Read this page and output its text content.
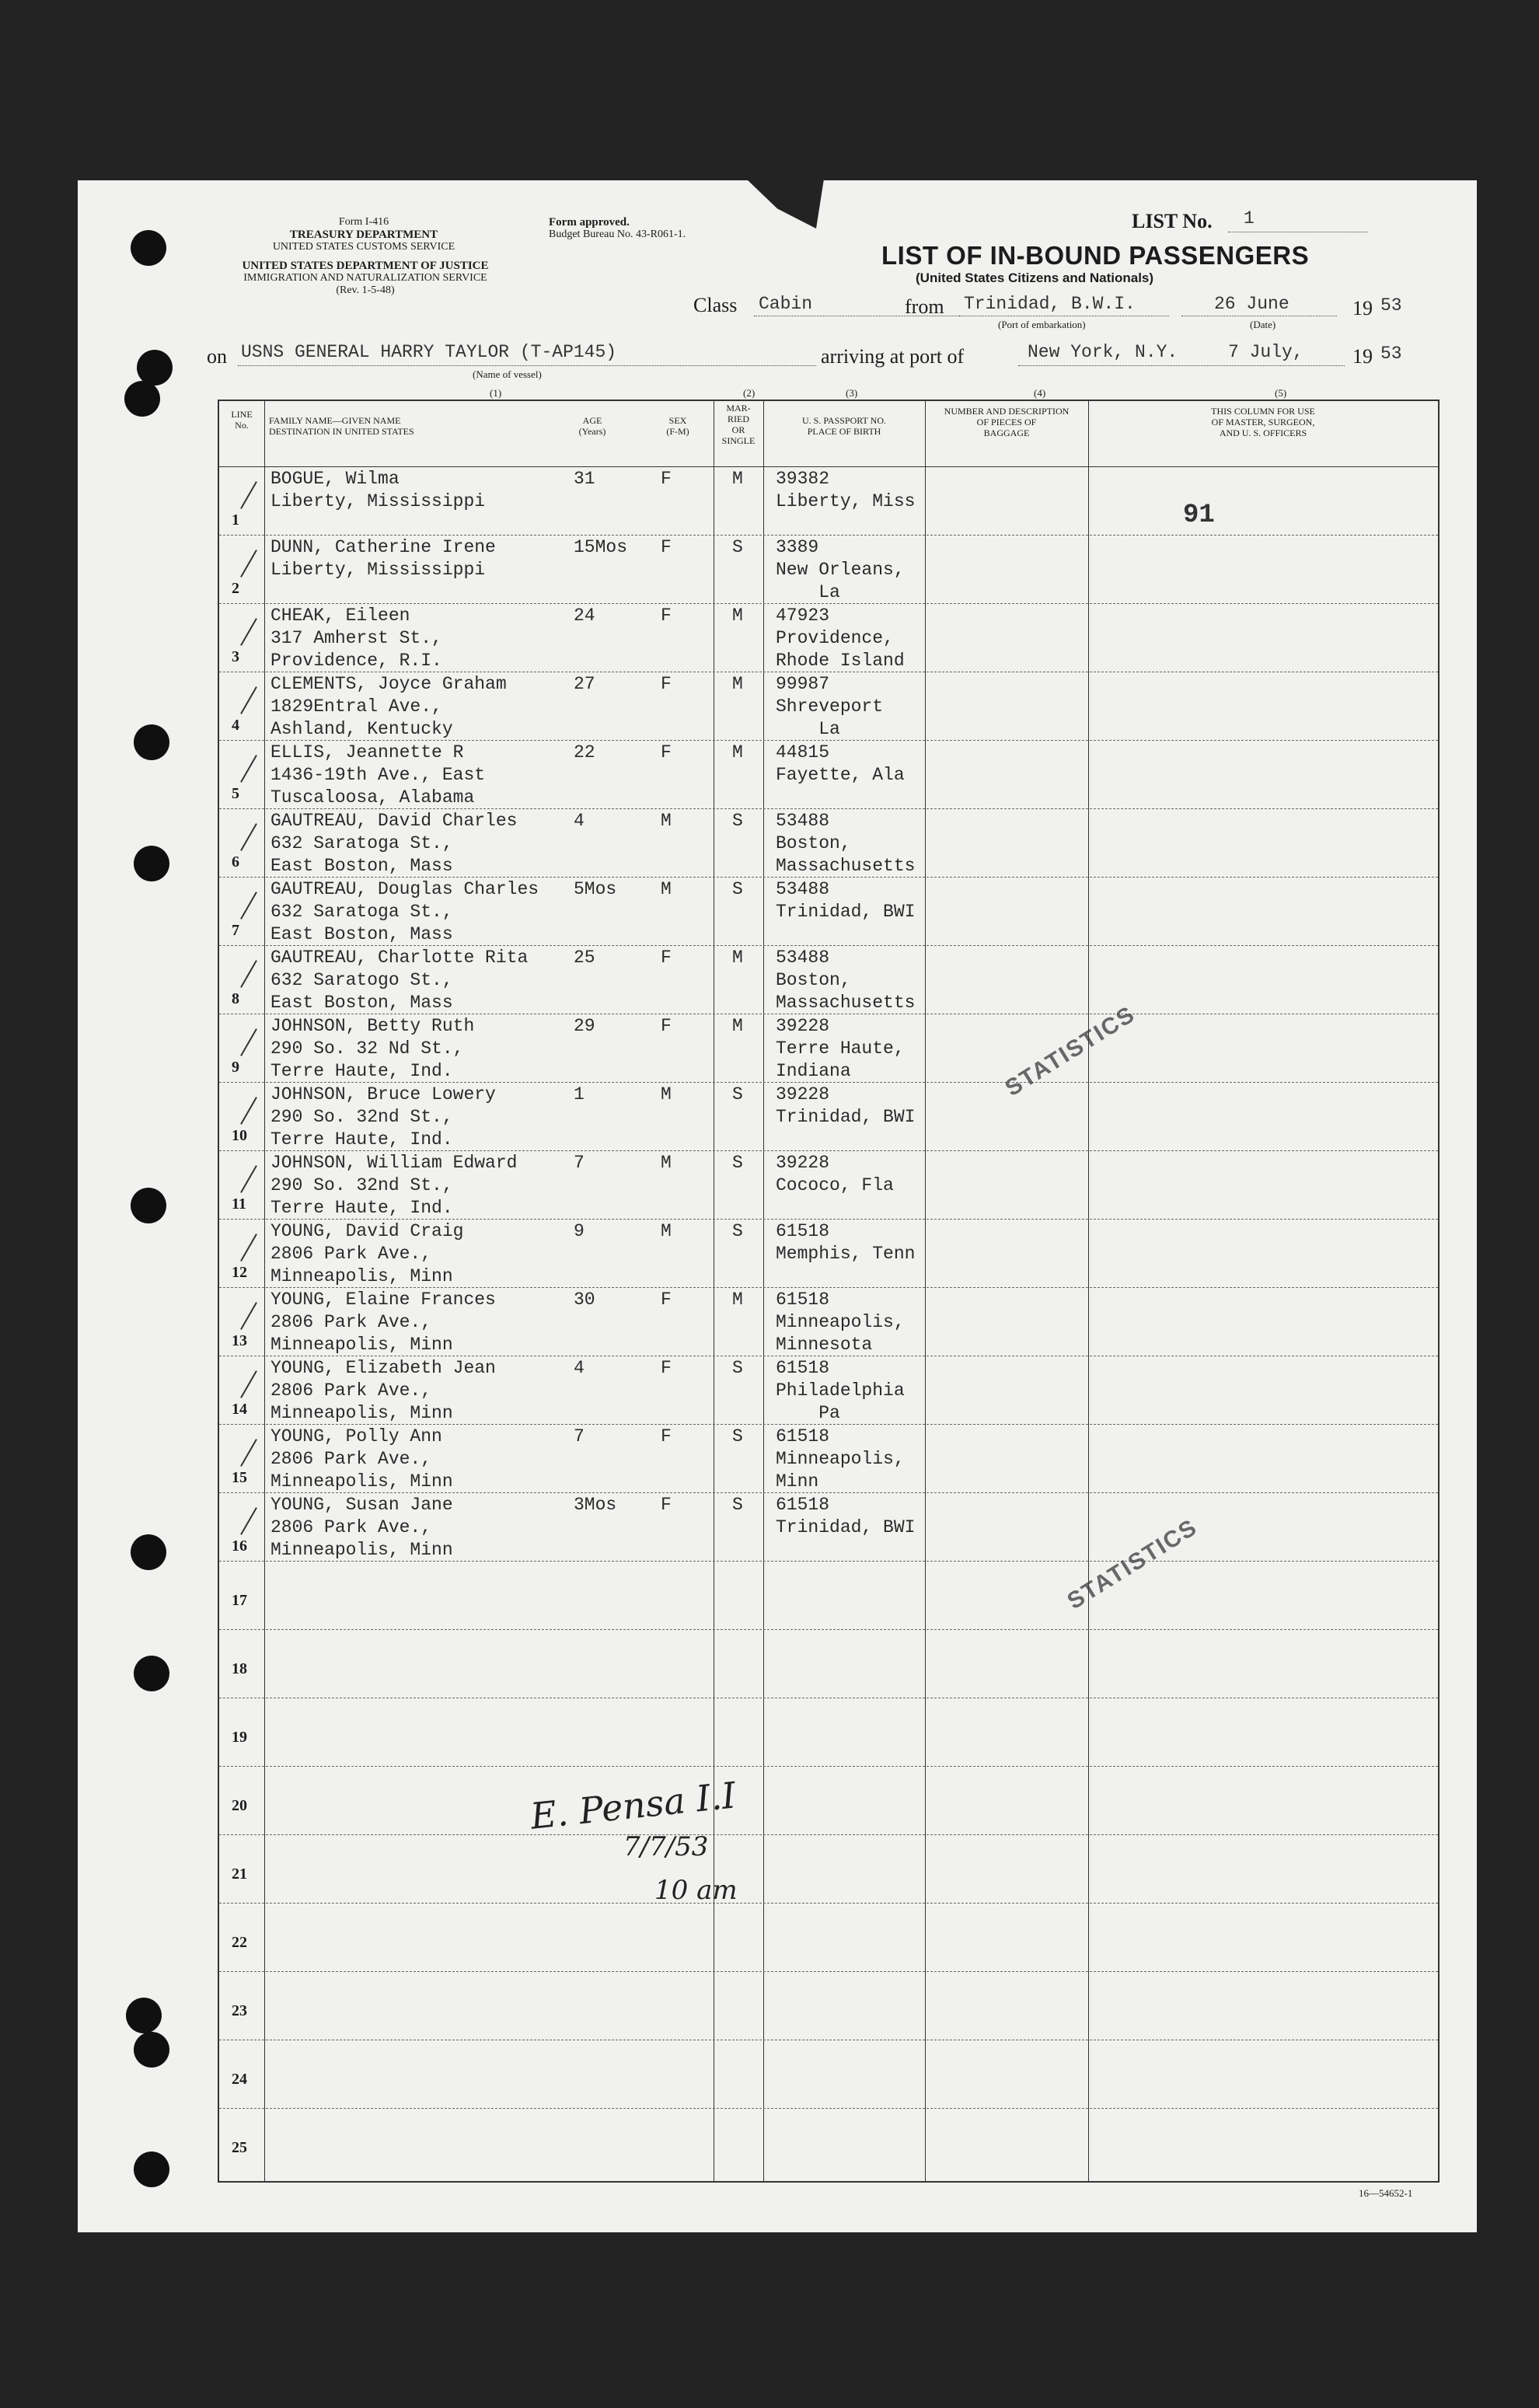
Form I-416
TREASURY DEPARTMENT
UNITED STATES CUSTOMS SERVICE
UNITED STATES DEPARTMENT OF JUSTICE
IMMIGRATION AND NATURALIZATION SERVICE
(Rev. 1-5-48)
Form approved.
Budget Bureau No. 43-R061-1.
LIST No. 1
LIST OF IN-BOUND PASSENGERS
(United States Citizens and Nationals)
Class Cabin	from Trinidad, B.W.I.
(Port of embarkation)
26 June
(Date)
19 53
on USNS GENERAL HARRY TAYLOR (T-AP145)
(Name of vessel)
(1)
arriving at port of	New York, N.Y.	7 July, 19 53
(2)	(3)	(4)	(5)
LINE
No.	FAMILY NAME—GIVEN NAME
DESTINATION IN UNITED STATES
AGE
(Years)
SEX
(F-M)
MAR-
RIED
OR
SINGLE
U. S. PASSPORT NO.
PLACE OF BIRTH
NUMBER AND DESCRIPTION
OF PIECES OF
BAGGAGE
THIS COLUMN FOR USE
OF MASTER, SURGEON,
AND U. S. OFFICERS
1
BOGUE, Wilma
Liberty, Mississippi
31	F	M 39382
Liberty, Miss
2
DUNN, Catherine Irene
Liberty, Mississippi
15Mos F	S 3389
New Orleans,
La
3
CHEAK, Eileen
317 Amherst St.,
Providence, R.I.
24	F	M 47923
Providence,
Rhode Island
4
CLEMENTS, Joyce Graham
1829Entral Ave.,
Ashland, Kentucky
27	F	M 99987
Shreveport
La
5
ELLIS, Jeannette R
1436-19th Ave., East
Tuscaloosa, Alabama
22	F	M 44815
Fayette, Ala
6
GAUTREAU, David Charles
632 Saratoga St.,
East Boston, Mass
4	M	S 53488
Boston,
Massachusetts
7
GAUTREAU, Douglas Charles
632 Saratoga St.,
East Boston, Mass
5Mos M	S 53488
Trinidad, BWI
8
GAUTREAU, Charlotte Rita
632 Saratogo St.,
East Boston, Mass
25	F	M 53488
Boston,
Massachusetts
9
JOHNSON, Betty Ruth
290 So. 32 Nd St.,
Terre Haute, Ind.
29	F	M 39228
Terre Haute,
Indiana
10
JOHNSON, Bruce Lowery
290 So. 32nd St.,
Terre Haute, Ind.
1	M	S 39228
Trinidad, BWI
11
JOHNSON, William Edward
290 So. 32nd St.,
Terre Haute, Ind.
7	M	S 39228
Cococo, Fla
12
YOUNG, David Craig
2806 Park Ave.,
Minneapolis, Minn
9	M	S 61518
Memphis, Tenn
13
YOUNG, Elaine Frances
2806 Park Ave.,
Minneapolis, Minn
30	F	M 61518
Minneapolis,
Minnesota
14
YOUNG, Elizabeth Jean
2806 Park Ave.,
Minneapolis, Minn
4	F	S 61518
Philadelphia
Pa
15
YOUNG, Polly Ann
2806 Park Ave.,
Minneapolis, Minn
7	F	S 61518
Minneapolis,
Minn
16
YOUNG, Susan Jane
2806 Park Ave.,
Minneapolis, Minn
3Mos F	S 61518
Trinidad, BWI
17
18
19
20
21
22
23
24
25
91
STATISTICS
STATISTICS
E. Pensa I.I
7/7/53
10 am
16—54652-1
